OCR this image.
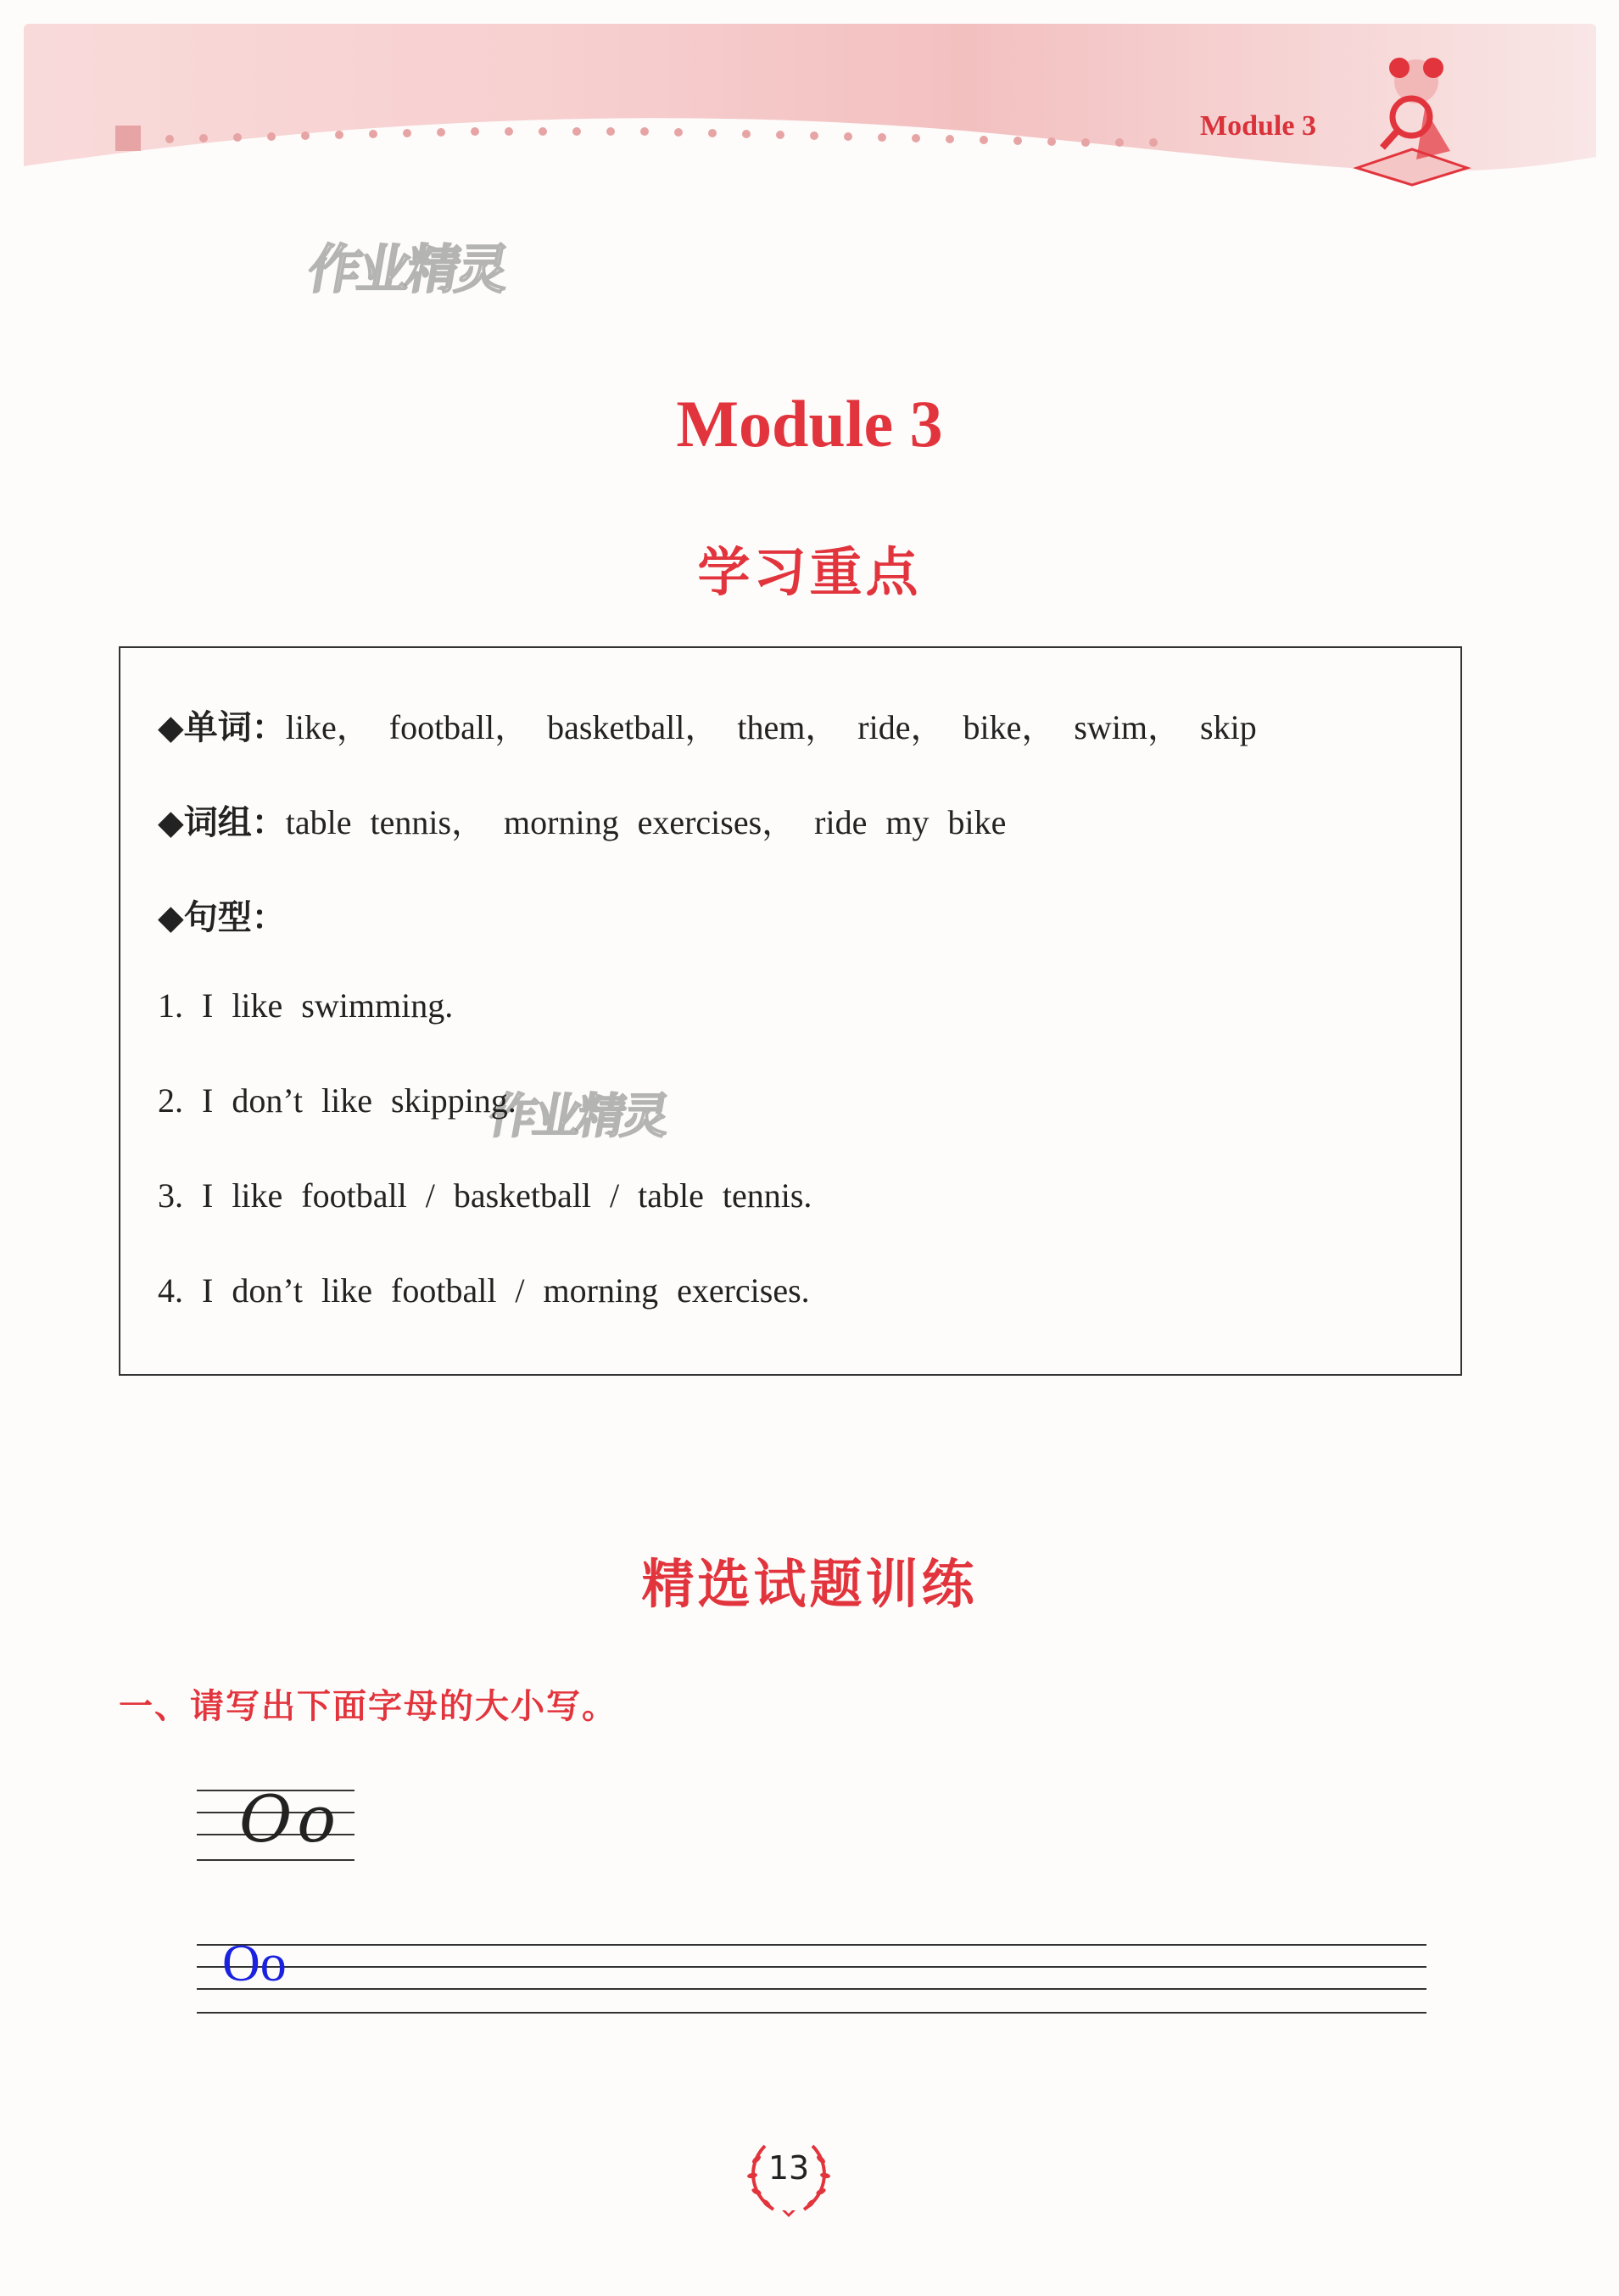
Module 3
作业精灵
作业精灵
Module 3
学习重点
◆单词：like， football， basketball， them， ride， bike， swim， skip
◆词组：table tennis， morning exercises， ride my bike
◆句型：
1. I like swimming.
2. I don’t like skipping.
3. I like football / basketball / table tennis.
4. I don’t like football / morning exercises.
精选试题训练
一、请写出下面字母的大小写。
Oo
Oo
13
